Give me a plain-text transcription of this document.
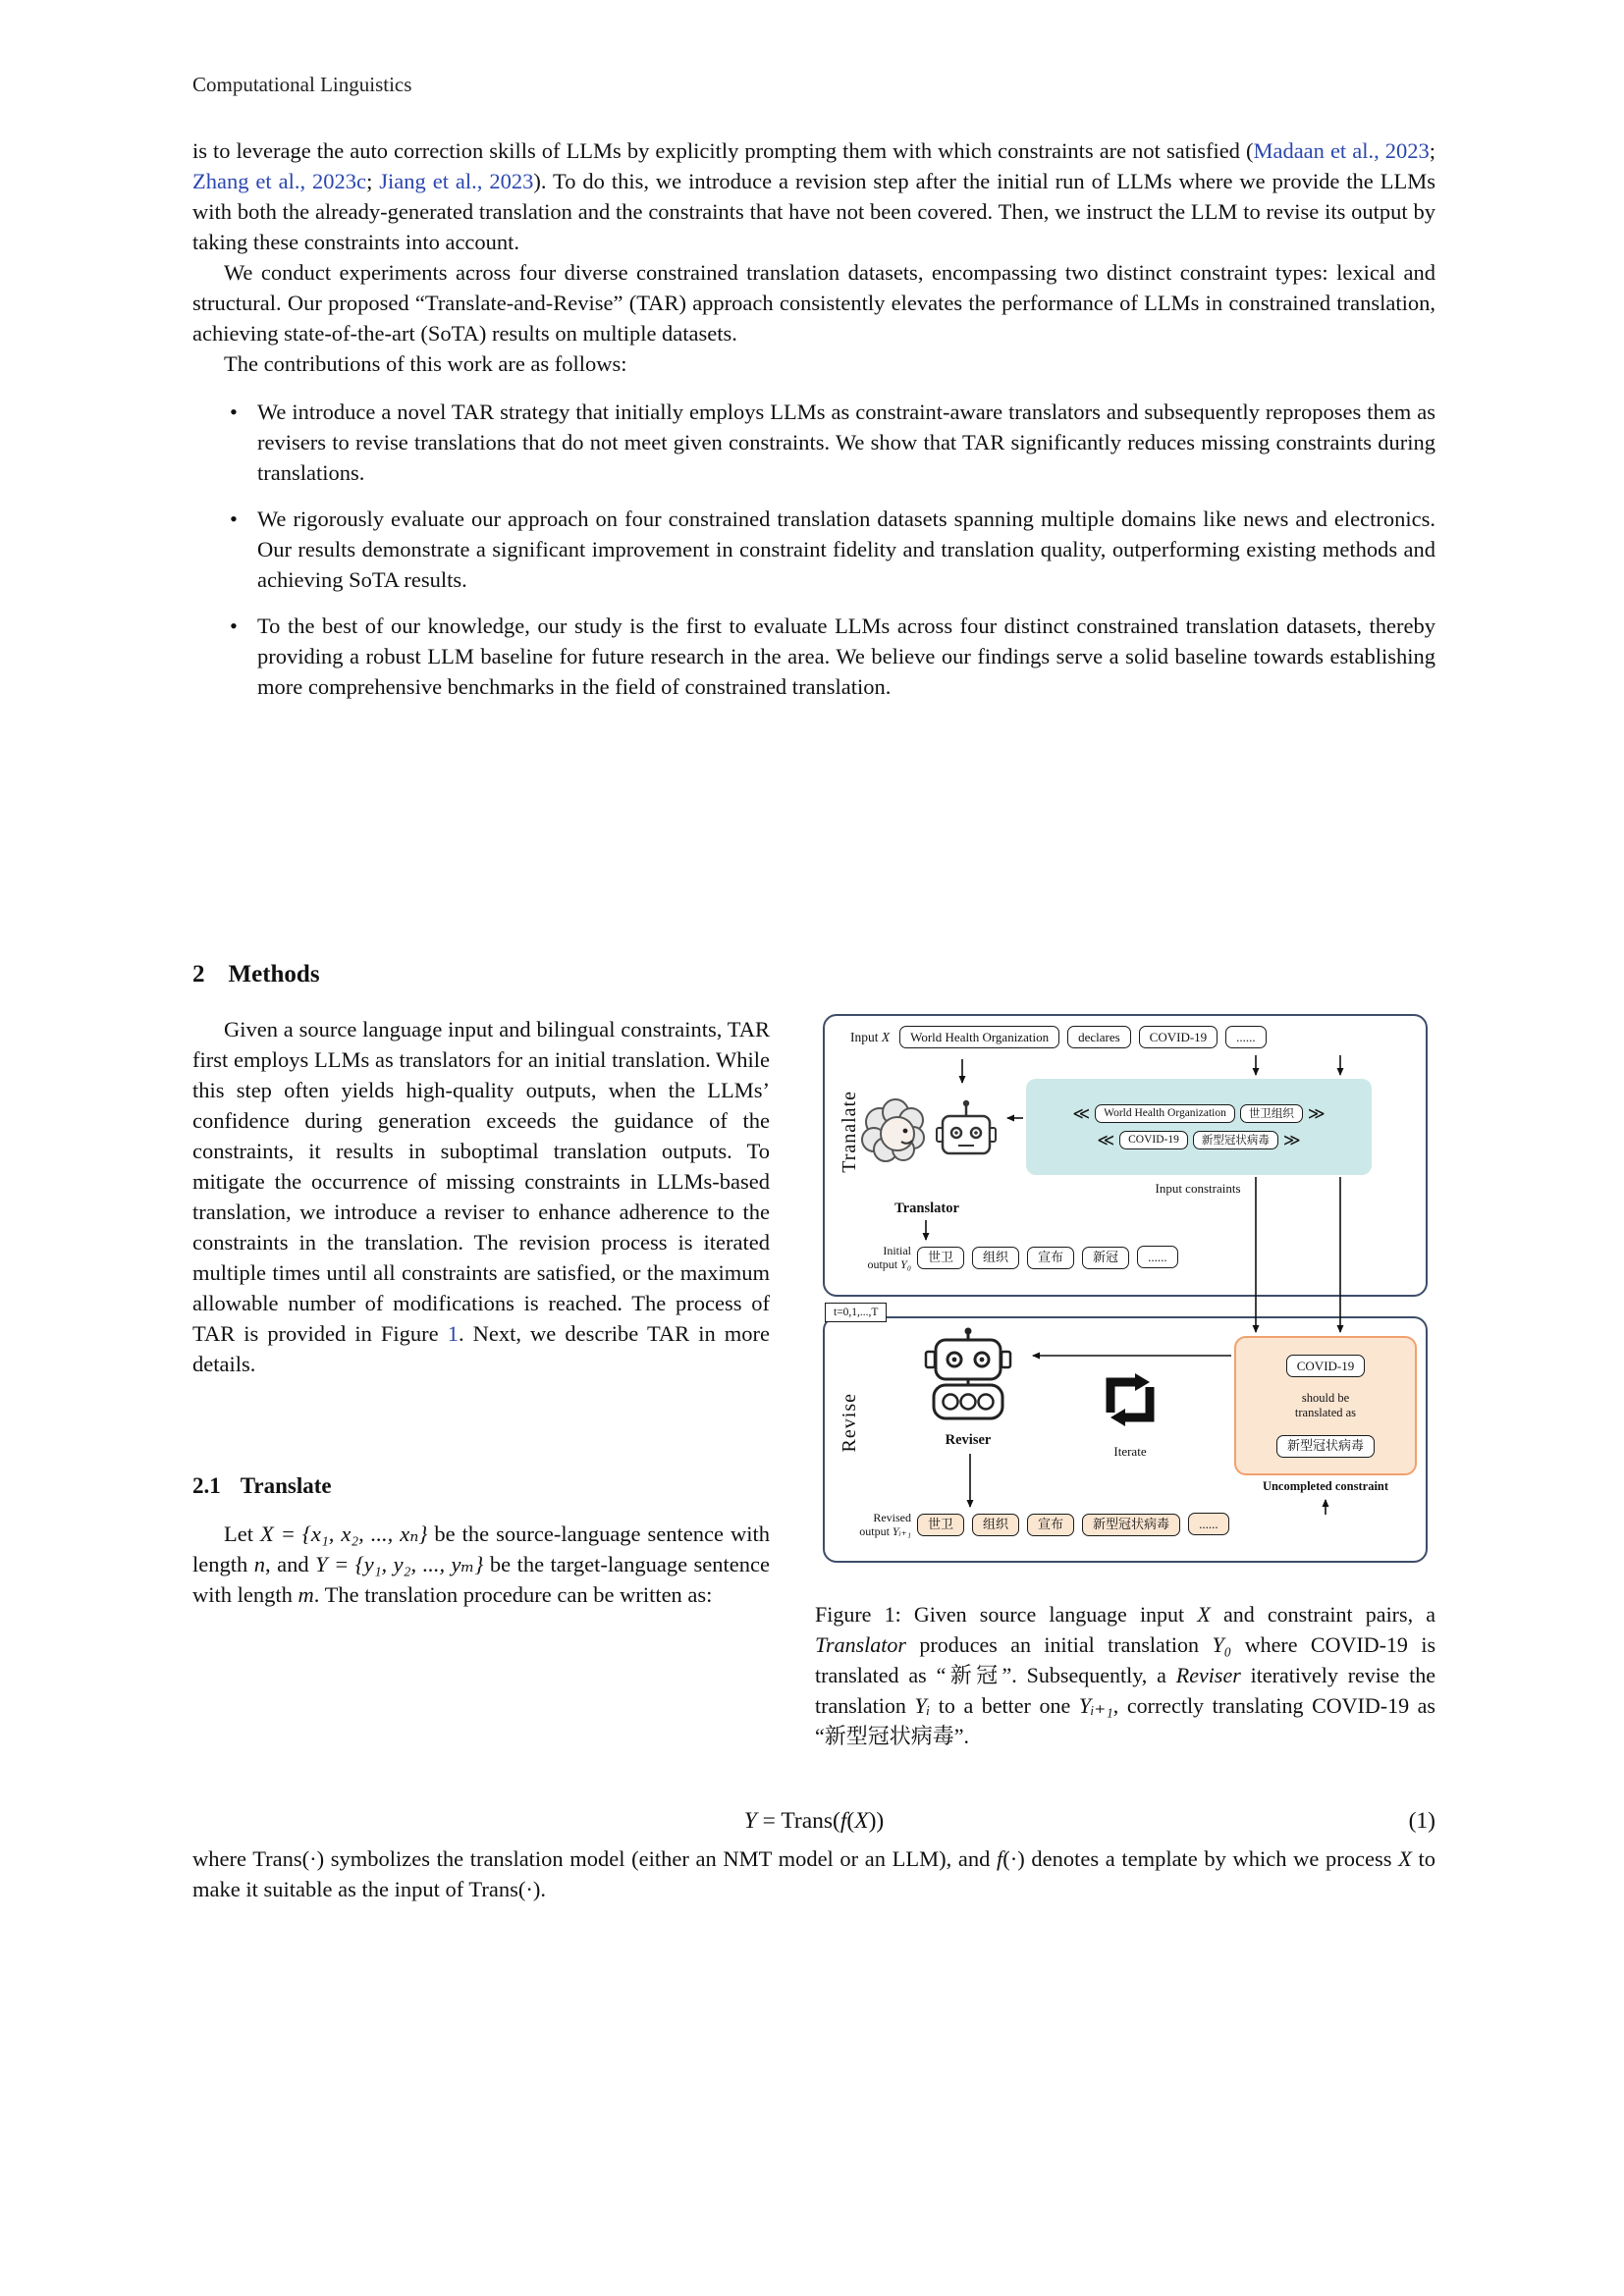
Computational Linguistics

is to leverage the auto correction skills of LLMs by explicitly prompting them with which constraints are not satisfied (Madaan et al., 2023; Zhang et al., 2023c; Jiang et al., 2023). To do this, we introduce a revision step after the initial run of LLMs where we provide the LLMs with both the already-generated translation and the constraints that have not been covered. Then, we instruct the LLM to revise its output by taking these constraints into account.

We conduct experiments across four diverse constrained translation datasets, encompassing two distinct constraint types: lexical and structural. Our proposed “Translate-and-Revise” (TAR) approach consistently elevates the performance of LLMs in constrained translation, achieving state-of-the-art (SoTA) results on multiple datasets.

The contributions of this work are as follows:

• We introduce a novel TAR strategy that initially employs LLMs as constraint-aware translators and subsequently reproposes them as revisers to revise translations that do not meet given constraints. We show that TAR significantly reduces missing constraints during translations.
• We rigorously evaluate our approach on four constrained translation datasets spanning multiple domains like news and electronics. Our results demonstrate a significant improvement in constraint fidelity and translation quality, outperforming existing methods and achieving SoTA results.
• To the best of our knowledge, our study is the first to evaluate LLMs across four distinct constrained translation datasets, thereby providing a robust LLM baseline for future research in the area. We believe our findings serve a solid baseline towards establishing more comprehensive benchmarks in the field of constrained translation.
2 Methods

Given a source language input and bilingual constraints, TAR first employs LLMs as translators for an initial translation. While this step often yields high-quality outputs, when the LLMs’ confidence during generation exceeds the guidance of the constraints, it results in suboptimal translation outputs. To mitigate the occurrence of missing constraints in LLMs-based translation, we introduce a reviser to enhance adherence to the constraints in the translation. The revision process is iterated multiple times until all constraints are satisfied, or the maximum allowable number of modifications is reached. The process of TAR is provided in Figure 1. Next, we describe TAR in more details.

2.1 Translate

Let X = {x₁, x₂, ..., xₙ} be the source-language sentence with length n, and Y = {y₁, y₂, ..., yₘ} be the target-language sentence with length m. The translation procedure can be written as:

Tranalate
Input X World Health Organization declares COVID-19 ......
Translator
≪	World Health Organization	世卫组织 ≫
≪	COVID-19	新型冠状病毒 ≫
Input constraints
Initial
output Y₀	世卫 组织 宣布 新冠 ......
t=0,1,...,T
Revise	Reviser
Iterate
COVID-19
should be
translated as
新型冠状病毒
Uncompleted constraint
Revised
output Yᵢ₊₁	世卫 组织 宣布 新型冠状病毒 ......

Figure 1: Given source language input X and constraint pairs, a Translator produces an initial translation Y₀ where COVID-19 is translated as “新冠”. Subsequently, a Reviser iteratively revise the translation Yᵢ to a better one Yᵢ₊₁, correctly translating COVID-19 as “新型冠状病毒”.

Y = Trans(f(X))	(1)

where Trans(·) symbolizes the translation model (either an NMT model or an LLM), and f(·) denotes a template by which we process X to make it suitable as the input of Trans(·).
